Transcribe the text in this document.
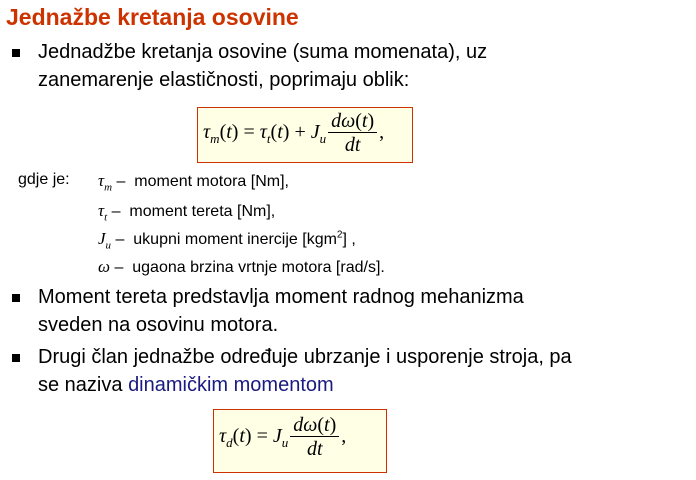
Jednažbe kretanja osovine
Jednadžbe kretanja osovine (suma momenata), uz
zanemarenje elastičnosti, poprimaju oblik:
$\tau_m(t) = \tau_t(t) + J_u \frac{d\omega(t)}{dt}$ ,
gdje je: $\tau_m$ –  moment motora [Nm],
$\tau_t$ –  moment tereta [Nm],
$J_u$ –  ukupni moment inercije [kgm$^2$] ,
ω –  ugaona brzina vrtnje motora [rad/s].
Moment tereta predstavlja moment radnog mehanizma
sveden na osovinu motora.
Drugi član jednažbe određuje ubrzanje i usporenje stroja, pa
se naziva dinamičkim momentom
$\tau_d(t) = J_u \frac{d\omega(t)}{dt}$ ,
